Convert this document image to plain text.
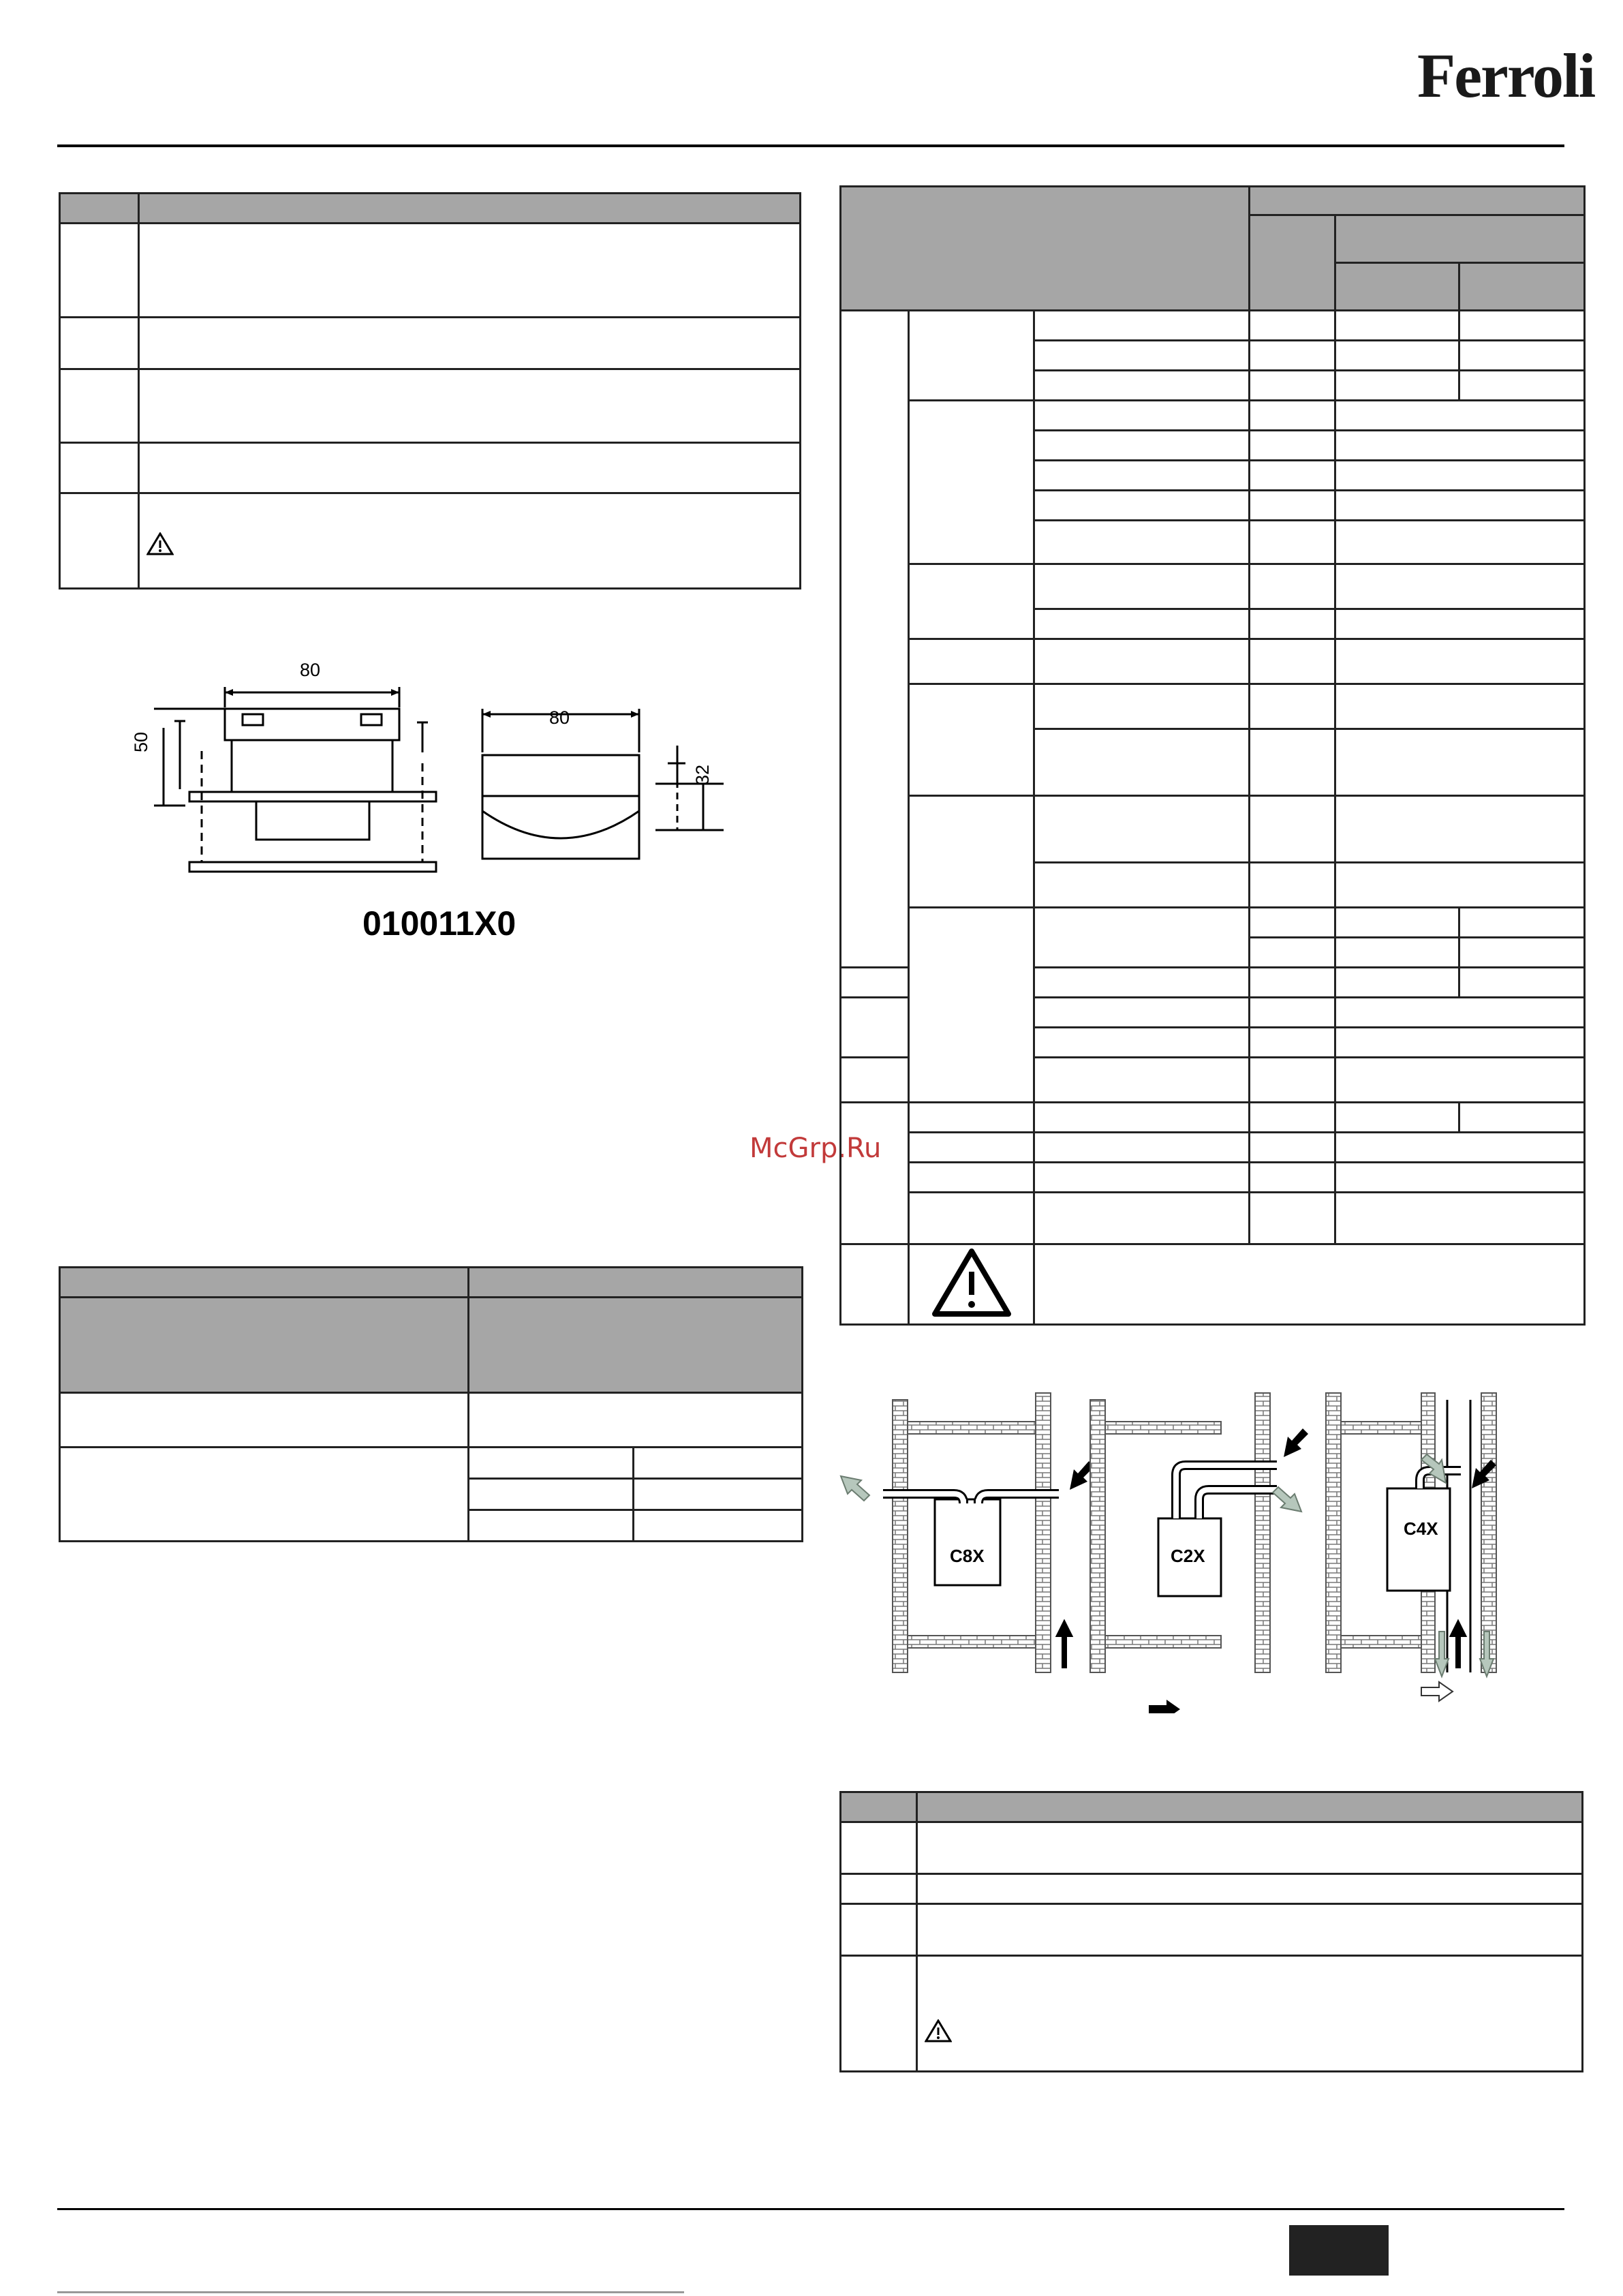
Ferroli

80
50
80
32
010011X0
McGrp.Ru

C8X	C2X
C4X
